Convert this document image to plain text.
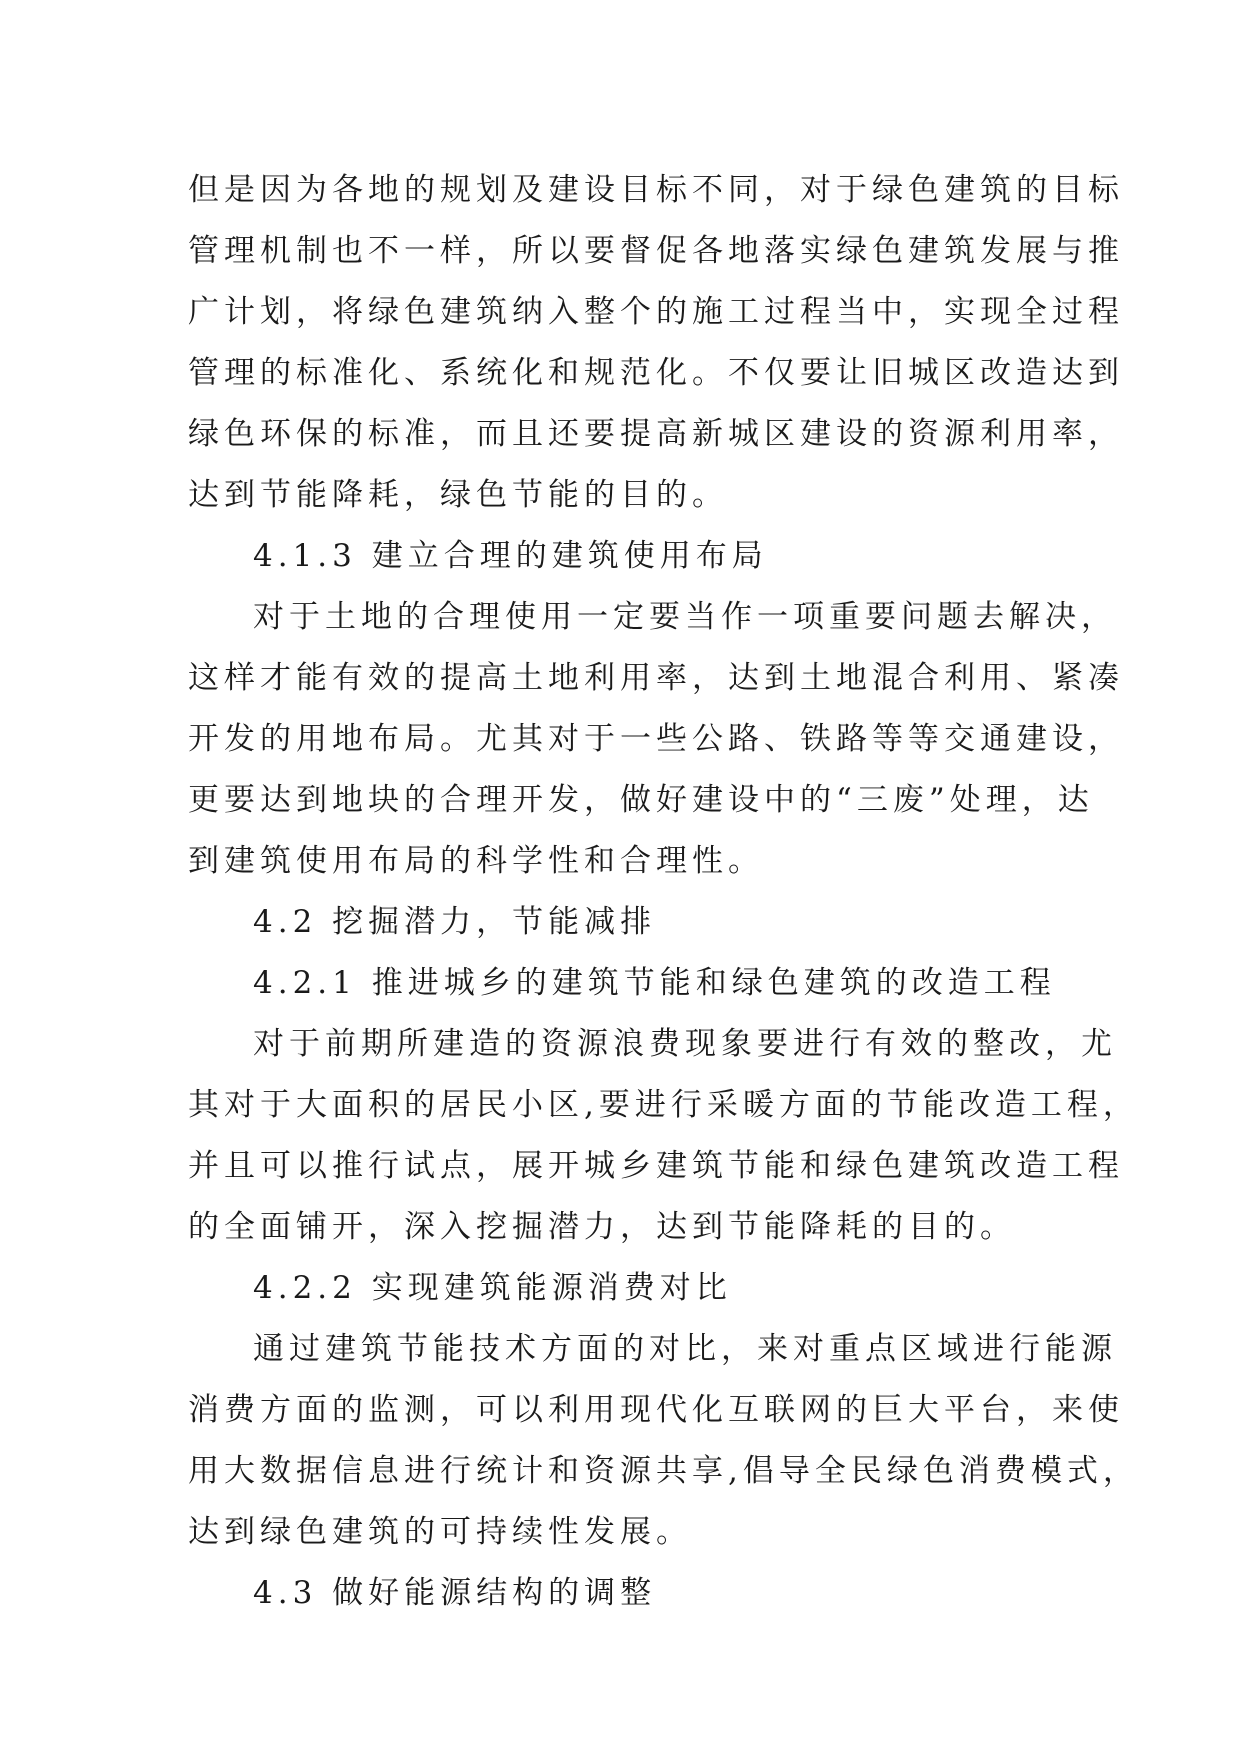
但是因为各地的规划及建设目标不同，对于绿色建筑的目标
管理机制也不一样，所以要督促各地落实绿色建筑发展与推
广计划，将绿色建筑纳入整个的施工过程当中，实现全过程
管理的标准化、系统化和规范化。不仅要让旧城区改造达到
绿色环保的标准，而且还要提高新城区建设的资源利用率，
达到节能降耗，绿色节能的目的。
4.1.3 建立合理的建筑使用布局
对于土地的合理使用一定要当作一项重要问题去解决，
这样才能有效的提高土地利用率，达到土地混合利用、紧凑
开发的用地布局。尤其对于一些公路、铁路等等交通建设，
更要达到地块的合理开发，做好建设中的“三废”处理，达
到建筑使用布局的科学性和合理性。
4.2 挖掘潜力，节能减排
4.2.1 推进城乡的建筑节能和绿色建筑的改造工程
对于前期所建造的资源浪费现象要进行有效的整改，尤
其对于大面积的居民小区,要进行采暖方面的节能改造工程，
并且可以推行试点，展开城乡建筑节能和绿色建筑改造工程
的全面铺开，深入挖掘潜力，达到节能降耗的目的。
4.2.2 实现建筑能源消费对比
通过建筑节能技术方面的对比，来对重点区域进行能源
消费方面的监测，可以利用现代化互联网的巨大平台，来使
用大数据信息进行统计和资源共享,倡导全民绿色消费模式，
达到绿色建筑的可持续性发展。
4.3 做好能源结构的调整
